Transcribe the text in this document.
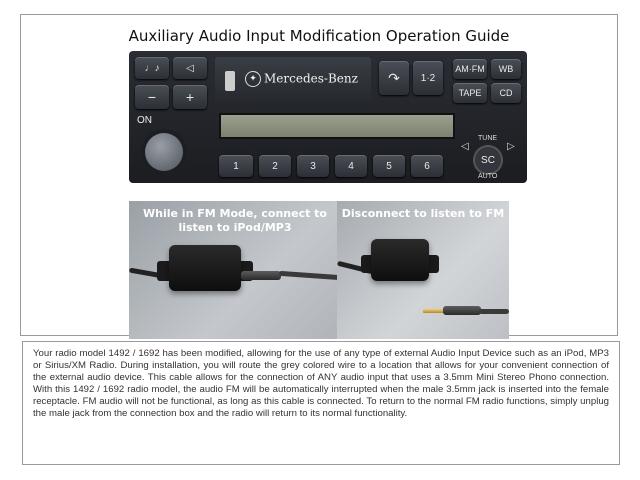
Auxiliary Audio Input Modification Operation Guide
♩♪	◁
−	+
✦ Mercedes-Benz	↷	1·2
AM·FM	WB
TAPE	CD
ON
1	2	3	4	5	6
TUNE
◁	▷
SC
AUTO
While in FM Mode, connect to
listen to iPod/MP3
Disconnect to listen to FM

Your radio model 1492 / 1692 has been modified, allowing for the use of any type of external Audio Input Device such as an iPod, MP3 or Sirius/XM Radio. During installation, you will route the grey colored wire to a location that allows for your convenient connection of the external audio device. This cable allows for the connection of ANY audio input that uses a 3.5mm Mini Stereo Phono connection. With this 1492 / 1692 radio model, the audio FM will be automatically interrupted when the male 3.5mm jack is inserted into the female receptacle. FM audio will not be functional, as long as this cable is connected. To return to the normal FM radio functions, simply unplug the male jack from the connection box and the radio will return to its normal functionality.
